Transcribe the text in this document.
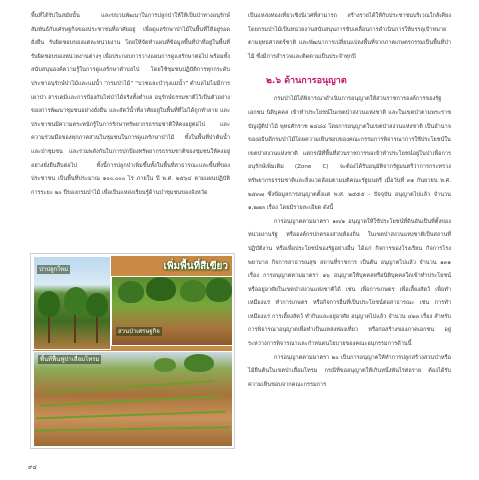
พื้นที่ได้รับในสมัยนั้น และขบวนพัฒนาในการปลูกป่าให้ให้เป็นป่าทางอนุรักษ์ สัมพันธ์กับเศรษฐกิจของประชาชนที่อาศัยอยู่ เพื่อดูแลรักษาป่าไม้ในพื้นที่ให้อยู่รอดยั่งยืน รับผิดชอบของแต่ละหน่วยงาน โดยให้จัดทำแผนที่ข้อมูลพื้นที่ป่าที่อยู่ในพื้นที่รับผิดชอบของหน่วยงานต่างๆ เพื่อประกอบการวางแผนการดูแลรักษาต่อไป พร้อมทั้งสนับสนุนองค์ความรู้ในการดูแลรักษาตำบลไป โดยใช้ชุมชนปฏิบัติการทุกกระดับประชาอนุรักษ์ป่าไม้และแม่น้ำ “กรมป่าไม้” “บวชและบำรุงแม่น้ำ” ตำบลไม่ไม่มีการเผาป่า สารเคมีและการป้องกันไฟป่าได้จริงทั้งตำบล อนุรักษ์ธรรมชาติไว้เป็นตัวอย่างของการพัฒนาชุมชนอย่างยั่งยืน และสัตว์น้ำที่อาศัยอยู่ในพื้นที่ที่ไม่ได้ถูกทำลาย และประชาชนมีความตระหนักรู้ในการรักษาทรัพยากรธรรมชาติให้คงอยู่ต่อไป และความร่วมมือของทุกภาคส่วนในชุมชนในการดูแลรักษาป่าไม้ ทั้งในพื้นที่ป่าต้นน้ำและป่าชุมชน และรวมพลังกันในการปกป้องทรัพยากรธรรมชาติของชุมชนให้คงอยู่อย่างยั่งยืนสืบต่อไป ทั้งนี้การปลูกป่าเพิ่มขึ้นทั้งในพื้นที่สาธารณะและพื้นที่ของประชาชน เป็นพื้นที่ประมาณ ๑๐๐,๐๐๐ ไร่ ภายใน ปี พ.ศ. ๒๕๖๔ ตามแผนปฏิบัติการระยะ ๒๐ ปีของกรมป่าไม้ เพื่อเป็นแหล่งเรียนรู้ด้านป่าชุมชนของจังหวัด

เพิ่มพื้นที่สีเขียว
ป่าปลูกใหม่
สวนป่าเศรษฐกิจ
พื้นที่ฟื้นฟูป่าเสื่อมโทรม

เป็นแหล่งท่องเที่ยวเชิงนิเวศที่สามารถ สร้างรายได้ให้กับประชาชนบริเวณใกล้เคียง โดยกรมป่าไม้เป็นหน่วยงานสนับสนุนการขับเคลื่อนการดำเนินการให้บรรลุเป้าหมายตามยุทธศาสตร์ชาติ และพัฒนาการเปลี่ยนแปลงพื้นที่จากภาคเกษตรกรรมเป็นพื้นที่ป่าไม้ ซึ่งมีการสำรวจและติดตามเป็นประจำทุกปี

๒.๖ ด้านการอนุญาต

กรมป่าไม้ได้พิจารณาดำเนินการอนุญาตให้ส่วนราชการองค์การของรัฐ เอกชน นิติบุคคล เข้าทำประโยชน์ในเขตป่าสงวนแห่งชาติ และในเขตป่าตามพระราชบัญญัติป่าไม้ พุทธศักราช ๒๔๘๔ โดยการอนุญาตในเขตป่าสงวนแห่งชาติ เป็นอำนาจของอธิบดีกรมป่าไม้โดยความเห็นชอบของคณะกรรมการพิจารณาการใช้ประโยชน์ในเขตป่าสงวนแห่งชาติ แต่กรณีที่พื้นที่ส่วนราชการขอเข้าทำประโยชน์อยู่ในป่าเพื่อการอนุรักษ์เพิ่มเติม (Zone C) จะต้องได้รับอนุมัติจากรัฐมนตรีว่าการกระทรวงทรัพยากรธรรมชาติและสิ่งแวดล้อมตามมติคณะรัฐมนตรี เมื่อวันที่ ๓๑ กันยายน พ.ศ. ๒๕๓๗ ซึ่งข้อมูลการอนุญาตตั้งแต่ พ.ศ. ๒๕๕๕ - ปัจจุบัน อนุญาตไปแล้ว จำนวน ๑,๒๗๓ เรื่อง โดยมีรายละเอียด ดังนี้

การอนุญาตตามมาตรา ๑๓/๑ อนุญาตให้ใช้ประโยชน์ที่ดินอันเป็นที่ตั้งของหน่วยงานรัฐ หรือองค์กรปกครองส่วนท้องถิ่น ในเขตป่าสงวนแห่งชาติเป็นสถานที่ปฏิบัติงาน หรือเพื่อประโยชน์ของรัฐอย่างอื่น ได้แก่ กิจการของโรงเรียน กิจการโรงพยาบาล กิจการสาธารณสุข สถานที่ราชการ เป็นต้น อนุญาตไปแล้ว จำนวน ๑๓๑ เรื่อง การอนุญาตตามมาตรา ๑๖ อนุญาตให้บุคคลหรือนิติบุคคลใดเข้าทำประโยชน์หรืออยู่อาศัยในเขตป่าสงวนแห่งชาติได้ เช่น เพื่อการเกษตร เพื่อเลี้ยงสัตว์ เพื่อทำเหมืองแร่ ทำการเกษตร หรือกิจการอื่นที่เป็นประโยชน์ต่อสาธารณะ เช่น การทำเหมืองแร่ การเลี้ยงสัตว์ ทำกินและอยู่อาศัย อนุญาตไปแล้ว จำนวน ๔๑๓ เรื่อง สำหรับการพิจารณาอนุญาตเพื่อทำเป็นแหล่งท่องเที่ยว หรือก่อสร้างของภาคเอกชน อยู่ระหว่างการพิจารณาและกำหนดนโยบายของคณะอนุกรรมการด้านนี้

การอนุญาตตามมาตรา ๒๐ เป็นการอนุญาตให้ทำการปลูกสร้างสวนป่าหรือไม้ยืนต้นในเขตป่าเสื่อมโทรม กรณีที่ขออนุญาตให้เกินหนึ่งพันไร่ต่อราย ต้องได้รับความเห็นชอบจากคณะกรรมการ

๙๔
